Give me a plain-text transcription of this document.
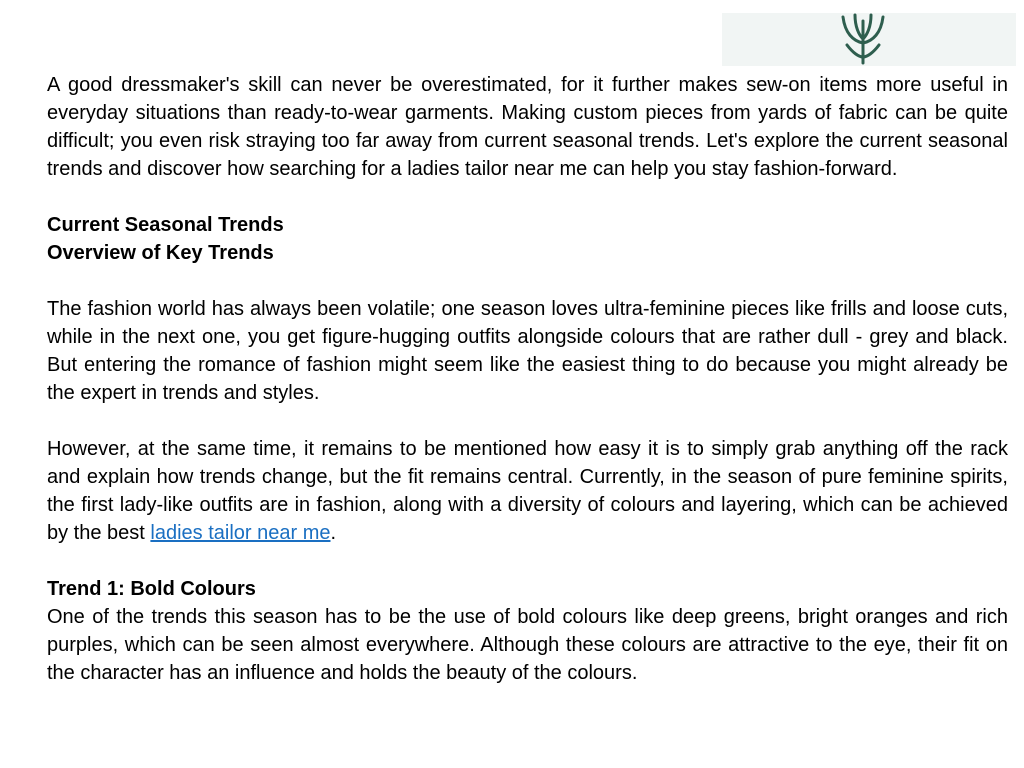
A good dressmaker's skill can never be overestimated, for it further makes sew-on items more useful in everyday situations than ready-to-wear garments. Making custom pieces from yards of fabric can be quite difficult; you even risk straying too far away from current seasonal trends. Let's explore the current seasonal trends and discover how searching for a ladies tailor near me can help you stay fashion-forward.

Current Seasonal Trends
Overview of Key Trends

The fashion world has always been volatile; one season loves ultra-feminine pieces like frills and loose cuts, while in the next one, you get figure-hugging outfits alongside colours that are rather dull - grey and black. But entering the romance of fashion might seem like the easiest thing to do because you might already be the expert in trends and styles.

However, at the same time, it remains to be mentioned how easy it is to simply grab anything off the rack and explain how trends change, but the fit remains central. Currently, in the season of pure feminine spirits, the first lady-like outfits are in fashion, along with a diversity of colours and layering, which can be achieved by the best ladies tailor near me.

Trend 1: Bold Colours

One of the trends this season has to be the use of bold colours like deep greens, bright oranges and rich purples, which can be seen almost everywhere. Although these colours are attractive to the eye, their fit on the character has an influence and holds the beauty of the colours.
